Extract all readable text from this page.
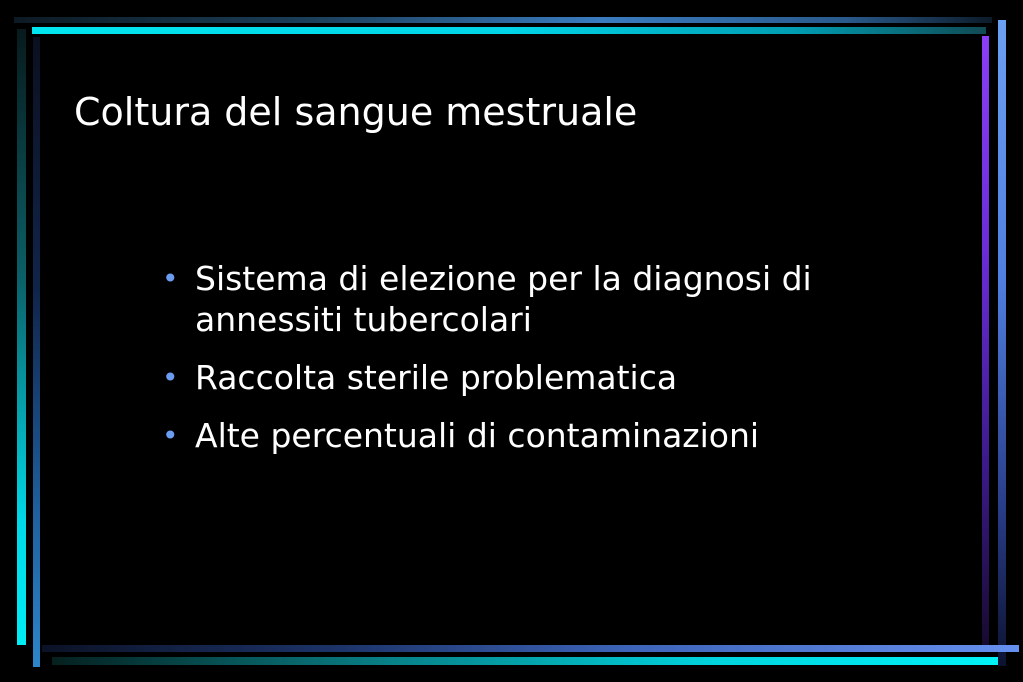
Coltura del sangue mestruale
• Sistema di elezione per la diagnosi di annessiti tubercolari
• Raccolta sterile problematica
• Alte percentuali di contaminazioni
